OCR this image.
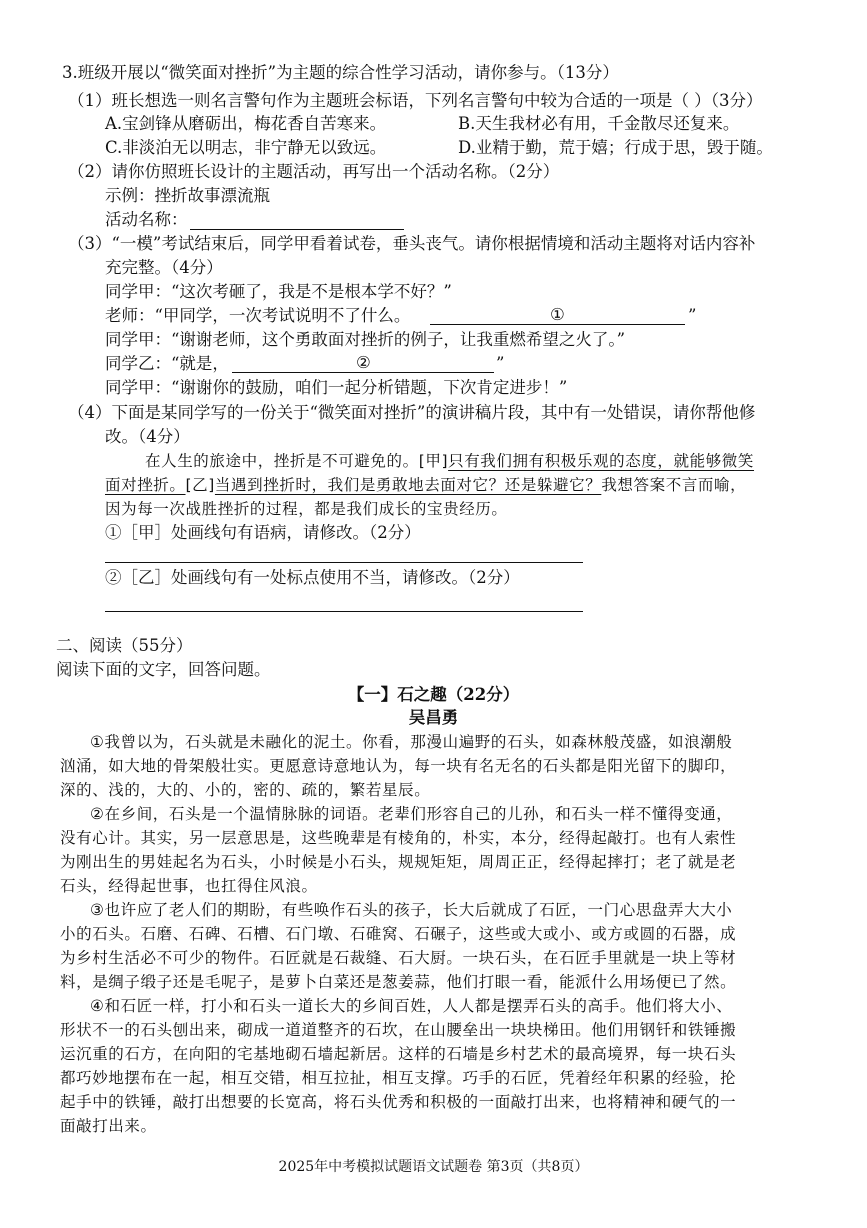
3.班级开展以“微笑面对挫折”为主题的综合性学习活动，请你参与。（13分）
（1）班长想选一则名言警句作为主题班会标语，下列名言警句中较为合适的一项是（ ）（3分）
A.宝剑锋从磨砺出，梅花香自苦寒来。	B.天生我材必有用，千金散尽还复来。
C.非淡泊无以明志，非宁静无以致远。	D.业精于勤，荒于嬉；行成于思，毁于随。
（2）请你仿照班长设计的主题活动，再写出一个活动名称。（2分）
示例：挫折故事漂流瓶
活动名称：
（3）“一模”考试结束后，同学甲看着试卷，垂头丧气。请你根据情境和活动主题将对话内容补
充完整。（4分）
同学甲：“这次考砸了，我是不是根本学不好？”
老师：“甲同学，一次考试说明不了什么。	①	”
同学甲：“谢谢老师，这个勇敢面对挫折的例子，让我重燃希望之火了。”
同学乙：“就是，	②	”
同学甲：“谢谢你的鼓励，咱们一起分析错题，下次肯定进步！”
（4）下面是某同学写的一份关于“微笑面对挫折”的演讲稿片段，其中有一处错误，请你帮他修
改。（4分）
在人生的旅途中，挫折是不可避免的。[甲]只有我们拥有积极乐观的态度，就能够微笑
面对挫折。[乙]当遇到挫折时，我们是勇敢地去面对它？还是躲避它？我想答案不言而喻，
因为每一次战胜挫折的过程，都是我们成长的宝贵经历。
①［甲］处画线句有语病，请修改。（2分）
②［乙］处画线句有一处标点使用不当，请修改。（2分）
二、阅读（55分）
阅读下面的文字，回答问题。
【一】石之趣（22分）
吴昌勇
①我曾以为，石头就是未融化的泥土。你看，那漫山遍野的石头，如森林般茂盛，如浪潮般
汹涌，如大地的骨架般壮实。更愿意诗意地认为，每一块有名无名的石头都是阳光留下的脚印，
深的、浅的，大的、小的，密的、疏的，繁若星辰。
②在乡间，石头是一个温情脉脉的词语。老辈们形容自己的儿孙，和石头一样不懂得变通，
没有心计。其实，另一层意思是，这些晚辈是有棱角的，朴实，本分，经得起敲打。也有人索性
为刚出生的男娃起名为石头，小时候是小石头，规规矩矩，周周正正，经得起摔打；老了就是老
石头，经得起世事，也扛得住风浪。
③也许应了老人们的期盼，有些唤作石头的孩子，长大后就成了石匠，一门心思盘弄大大小
小的石头。石磨、石碑、石槽、石门墩、石碓窝、石碾子，这些或大或小、或方或圆的石器，成
为乡村生活必不可少的物件。石匠就是石裁缝、石大厨。一块石头，在石匠手里就是一块上等材
料，是绸子缎子还是毛呢子，是萝卜白菜还是葱姜蒜，他们打眼一看，能派什么用场便已了然。
④和石匠一样，打小和石头一道长大的乡间百姓，人人都是摆弄石头的高手。他们将大小、
形状不一的石头刨出来，砌成一道道整齐的石坎，在山腰垒出一块块梯田。他们用钢钎和铁锤搬
运沉重的石方，在向阳的宅基地砌石墙起新居。这样的石墙是乡村艺术的最高境界，每一块石头
都巧妙地摆布在一起，相互交错，相互拉扯，相互支撑。巧手的石匠，凭着经年积累的经验，抡
起手中的铁锤，敲打出想要的长宽高，将石头优秀和积极的一面敲打出来，也将精神和硬气的一
面敲打出来。
2025年中考模拟试题语文试题卷 第3页（共8页）
